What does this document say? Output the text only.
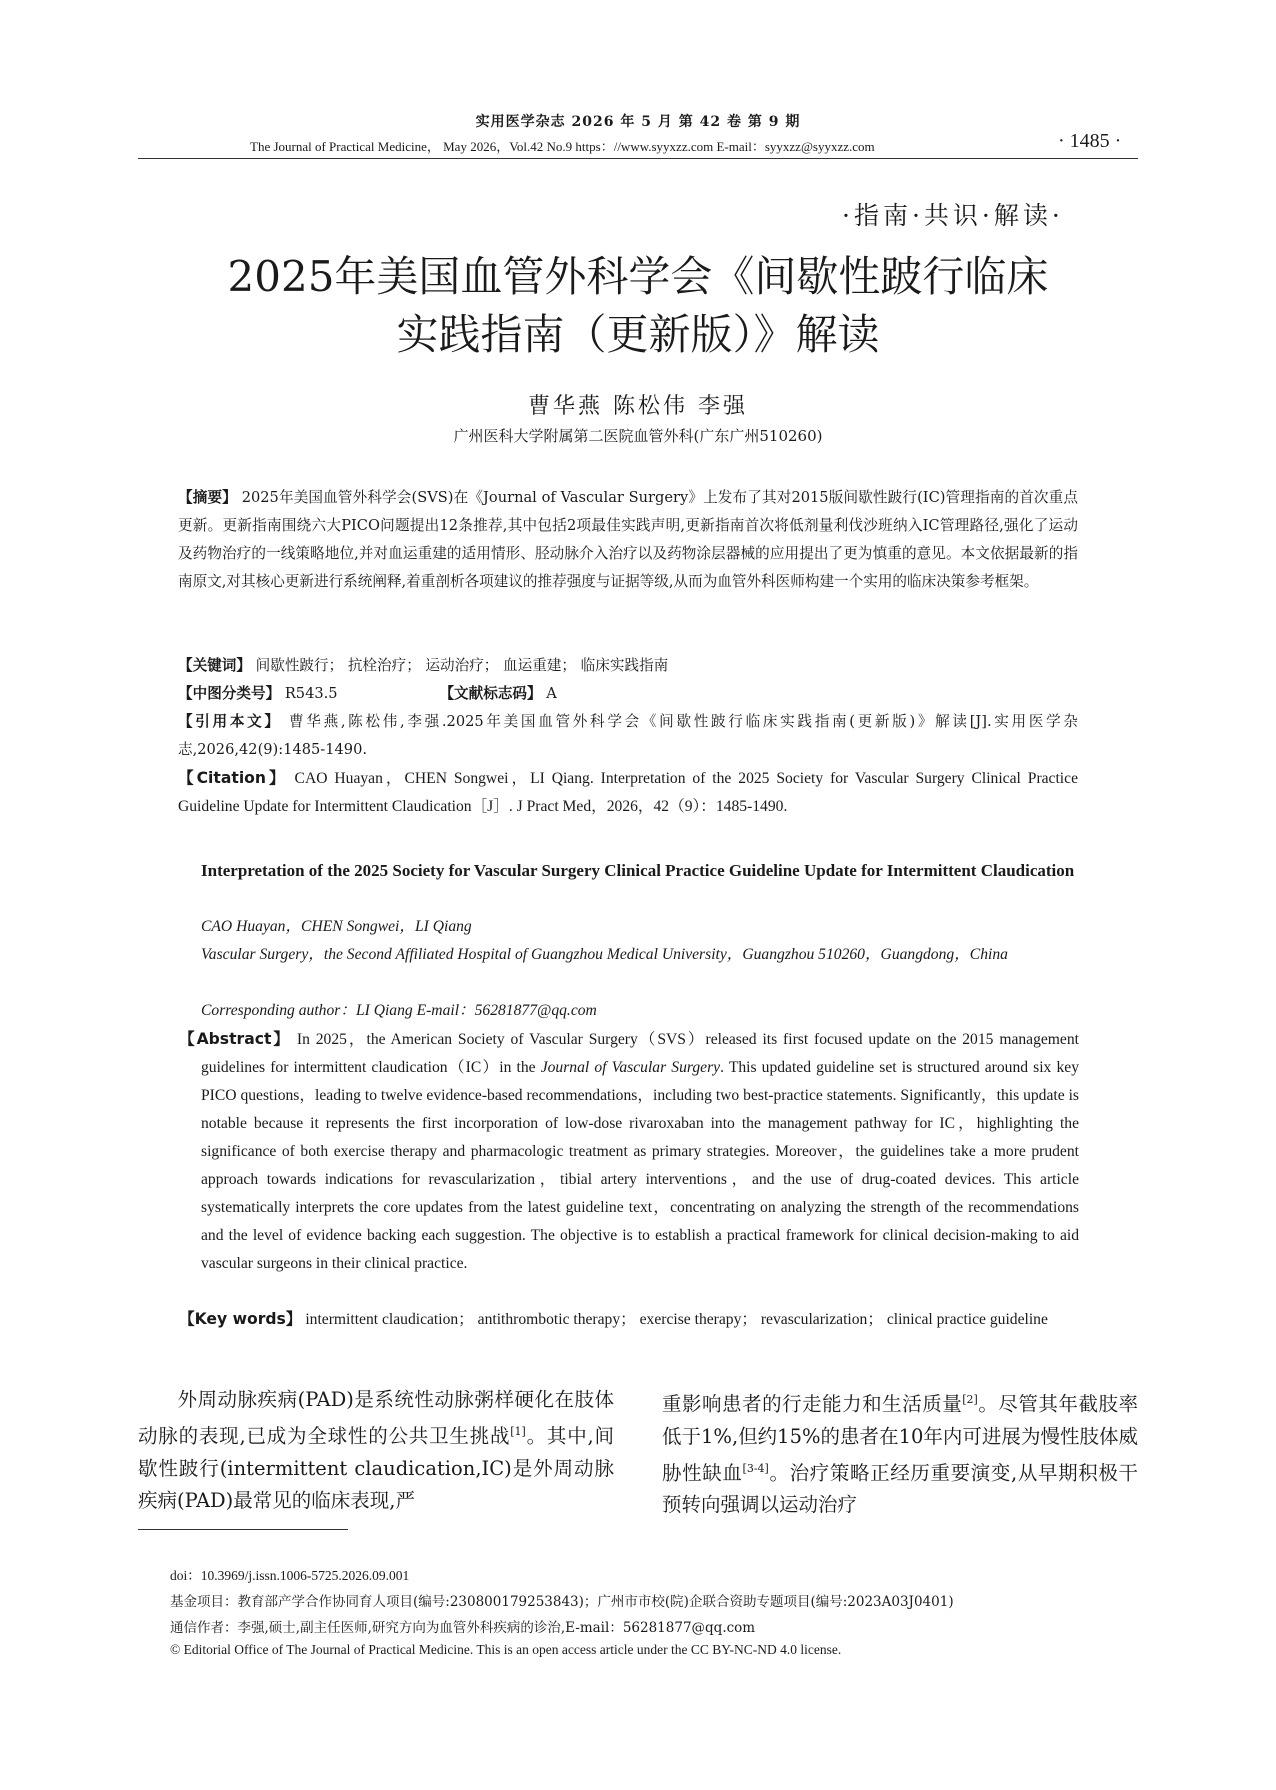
实用医学杂志 2026 年 5 月 第 42 卷 第 9 期
The Journal of Practical Medicine， May 2026，Vol.42 No.9 https：//www.syyxzz.com E-mail：syyxzz@syyxzz.com	· 1485 ·
·指南·共识·解读·
2025年美国血管外科学会《间歇性跛行临床
实践指南（更新版）》解读
曹华燕 陈松伟 李强
广州医科大学附属第二医院血管外科(广东广州510260)
【摘要】 2025年美国血管外科学会(SVS)在《Journal of Vascular Surgery》上发布了其对2015版间歇性跛行(IC)管理指南的首次重点更新。更新指南围绕六大PICO问题提出12条推荐,其中包括2项最佳实践声明,更新指南首次将低剂量利伐沙班纳入IC管理路径,强化了运动及药物治疗的一线策略地位,并对血运重建的适用情形、胫动脉介入治疗以及药物涂层器械的应用提出了更为慎重的意见。本文依据最新的指南原文,对其核心更新进行系统阐释,着重剖析各项建议的推荐强度与证据等级,从而为血管外科医师构建一个实用的临床决策参考框架。
【关键词】 间歇性跛行； 抗栓治疗； 运动治疗； 血运重建； 临床实践指南
【中图分类号】 R543.5	【文献标志码】 A
【引用本文】 曹华燕,陈松伟,李强.2025年美国血管外科学会《间歇性跛行临床实践指南(更新版)》解读[J].实用医学杂志,2026,42(9):1485-1490.
【Citation】 CAO Huayan，CHEN Songwei，LI Qiang. Interpretation of the 2025 Society for Vascular Surgery Clinical Practice Guideline Update for Intermittent Claudication［J］. J Pract Med，2026，42（9）：1485-1490.
Interpretation of the 2025 Society for Vascular Surgery Clinical Practice Guideline Update for Intermittent Claudication
CAO Huayan，CHEN Songwei，LI Qiang
Vascular Surgery，the Second Affiliated Hospital of Guangzhou Medical University，Guangzhou 510260，Guangdong，China
Corresponding author：LI Qiang E-mail：56281877@qq.com
【Abstract】 In 2025，the American Society of Vascular Surgery（SVS）released its first focused update on the 2015 management guidelines for intermittent claudication（IC）in the Journal of Vascular Surgery. This updated guideline set is structured around six key PICO questions，leading to twelve evidence-based recommendations，including two best-practice statements. Significantly，this update is notable because it represents the first incorporation of low-dose rivaroxaban into the management pathway for IC，highlighting the significance of both exercise therapy and pharmacologic treatment as primary strategies. Moreover，the guidelines take a more prudent approach towards indications for revascularization，tibial artery interventions，and the use of drug-coated devices. This article systematically interprets the core updates from the latest guideline text，concentrating on analyzing the strength of the recommendations and the level of evidence backing each suggestion. The objective is to establish a practical framework for clinical decision-making to aid vascular surgeons in their clinical practice.
【Key words】 intermittent claudication； antithrombotic therapy； exercise therapy； revascularization； clinical practice guideline
外周动脉疾病(PAD)是系统性动脉粥样硬化在肢体动脉的表现,已成为全球性的公共卫生挑战[1]。其中,间歇性跛行(intermittent claudication,IC)是外周动脉疾病(PAD)最常见的临床表现,严
重影响患者的行走能力和生活质量[2]。尽管其年截肢率低于1%,但约15%的患者在10年内可进展为慢性肢体威胁性缺血[3-4]。治疗策略正经历重要演变,从早期积极干预转向强调以运动治疗
doi：10.3969/j.issn.1006-5725.2026.09.001
基金项目：教育部产学合作协同育人项目(编号:230800179253843)；广州市市校(院)企联合资助专题项目(编号:2023A03J0401)
通信作者：李强,硕士,副主任医师,研究方向为血管外科疾病的诊治,E-mail：56281877@qq.com
© Editorial Office of The Journal of Practical Medicine. This is an open access article under the CC BY-NC-ND 4.0 license.
